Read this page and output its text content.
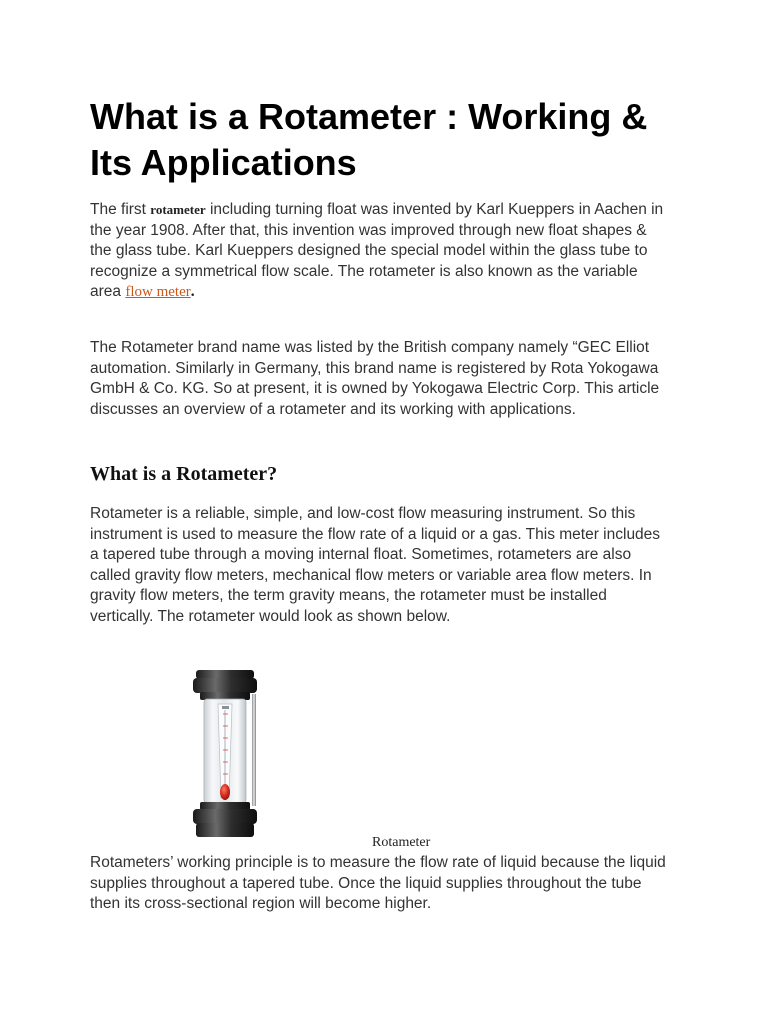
What is a Rotameter : Working &
Its Applications

The first rotameter including turning float was invented by Karl Kueppers in Aachen in the year 1908. After that, this invention was improved through new float shapes & the glass tube. Karl Kueppers designed the special model within the glass tube to recognize a symmetrical flow scale. The rotameter is also known as the variable area flow meter.

The Rotameter brand name was listed by the British company namely “GEC Elliot automation. Similarly in Germany, this brand name is registered by Rota Yokogawa GmbH & Co. KG. So at present, it is owned by Yokogawa Electric Corp. This article discusses an overview of a rotameter and its working with applications.

What is a Rotameter?

Rotameter is a reliable, simple, and low-cost flow measuring instrument. So this instrument is used to measure the flow rate of a liquid or a gas. This meter includes a tapered tube through a moving internal float. Sometimes, rotameters are also called gravity flow meters, mechanical flow meters or variable area flow meters. In gravity flow meters, the term gravity means, the rotameter must be installed vertically. The rotameter would look as shown below.

Rotameter

Rotameters’ working principle is to measure the flow rate of liquid because the liquid supplies throughout a tapered tube. Once the liquid supplies throughout the tube then its cross-sectional region will become higher.
